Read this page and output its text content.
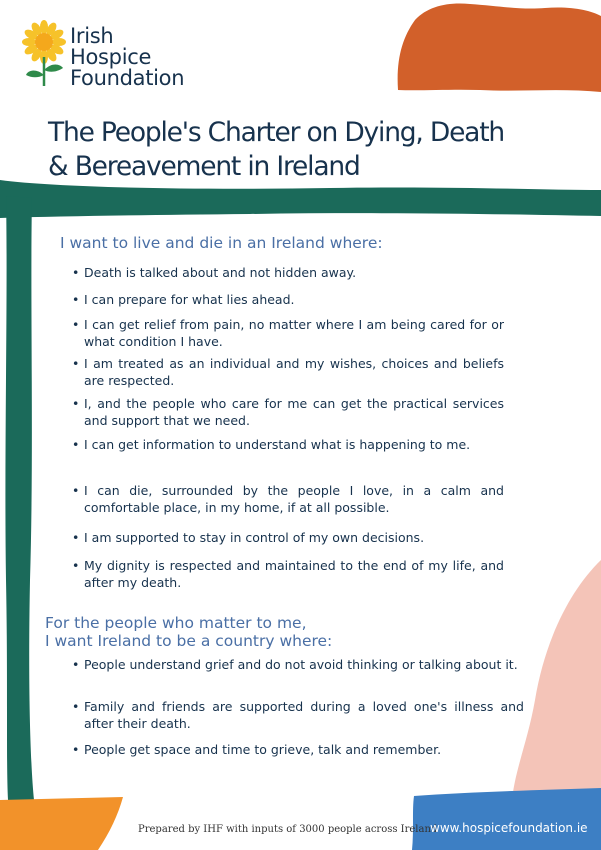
Irish
Hospice
Foundation
The People's Charter on Dying, Death
& Bereavement in Ireland
I want to live and die in an Ireland where:
• Death is talked about and not hidden away.
• I can prepare for what lies ahead.
• I can get relief from pain, no matter where I am being cared for or what condition I have.
• I am treated as an individual and my wishes, choices and beliefs are respected.
• I, and the people who care for me can get the practical services and support that we need.
• I can get information to understand what is happening to me.
• I can die, surrounded by the people I love, in a calm and comfortable place, in my home, if at all possible.
• I am supported to stay in control of my own decisions.
• My dignity is respected and maintained to the end of my life, and after my death.
For the people who matter to me,
I want Ireland to be a country where:
• People understand grief and do not avoid thinking or talking about it.
• Family and friends are supported during a loved one's illness and after their death.
• People get space and time to grieve, talk and remember.
Prepared by IHF with inputs of 3000 people across Ireland
www.hospicefoundation.ie
